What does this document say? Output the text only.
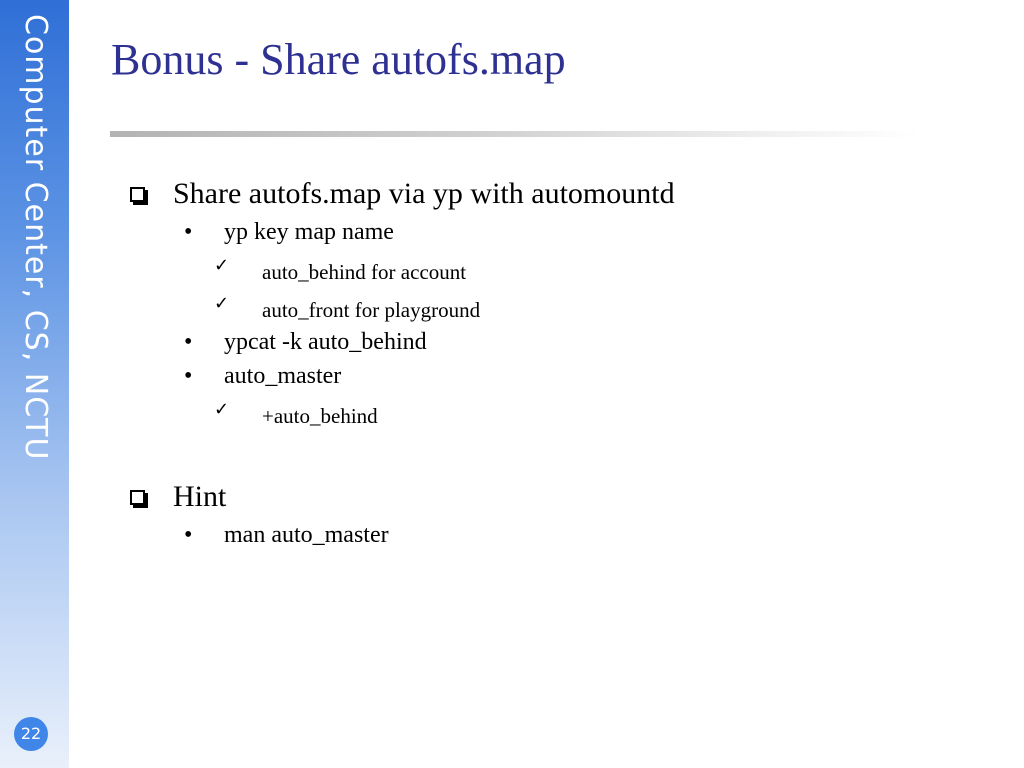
Computer Center, CS, NCTU
22
Bonus - Share autofs.map
Share autofs.map via yp with automountd
• yp key map name
✓ auto_behind for account
✓ auto_front for playground
• ypcat -k auto_behind
• auto_master
✓ +auto_behind
Hint
• man auto_master
